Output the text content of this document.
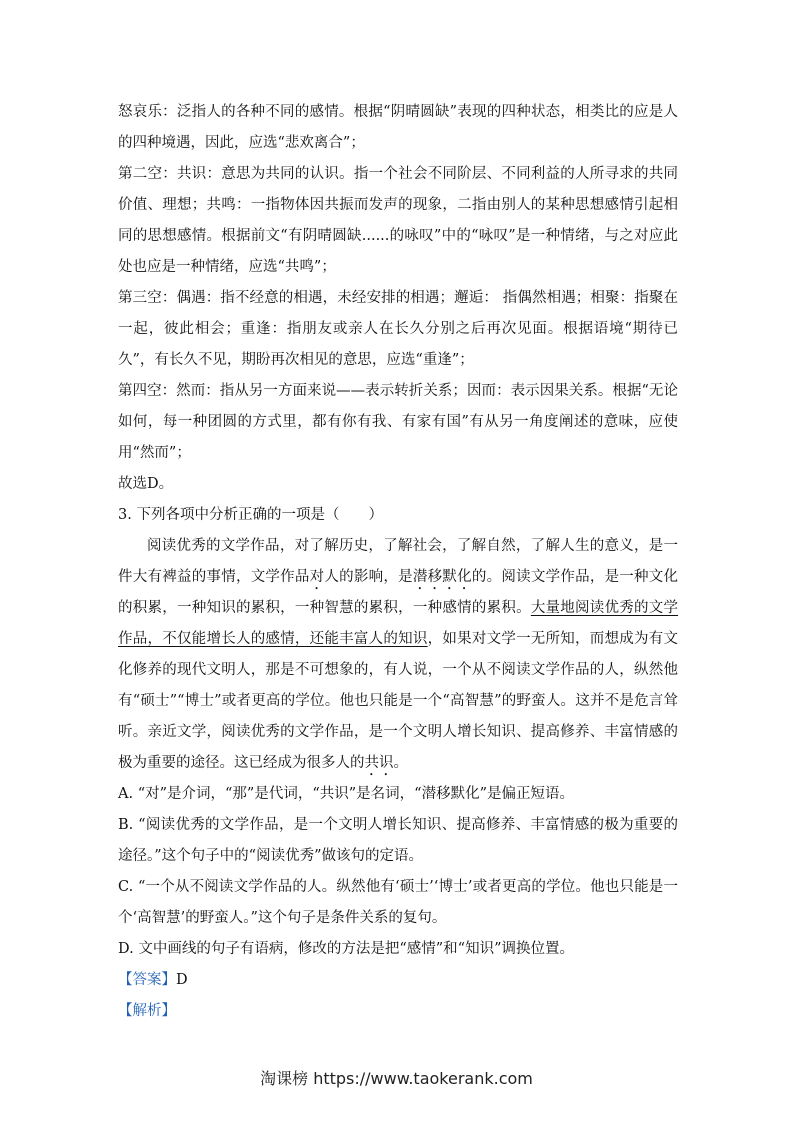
怒哀乐：泛指人的各种不同的感情。根据“阴晴圆缺”表现的四种状态，相类比的应是人的四种境遇，因此，应选“悲欢离合”；

第二空：共识：意思为共同的认识。指一个社会不同阶层、不同利益的人所寻求的共同价值、理想；共鸣：一指物体因共振而发声的现象，二指由别人的某种思想感情引起相同的思想感情。根据前文“有阴晴圆缺......的咏叹”中的“咏叹”是一种情绪，与之对应此处也应是一种情绪，应选“共鸣”；

第三空：偶遇：指不经意的相遇，未经安排的相遇；邂逅： 指偶然相遇；相聚：指聚在一起，彼此相会；重逢：指朋友或亲人在长久分别之后再次见面。根据语境“期待已久”，有长久不见，期盼再次相见的意思，应选“重逢”；

第四空：然而：指从另一方面来说——表示转折关系；因而：表示因果关系。根据“无论如何，每一种团圆的方式里，都有你有我、有家有国”有从另一角度阐述的意味，应使用“然而”；

故选D。

3. 下列各项中分析正确的一项是（　　）

阅读优秀的文学作品，对了解历史，了解社会，了解自然，了解人生的意义，是一件大有裨益的事情，文学作品对人的影响，是潜移默化的。阅读文学作品，是一种文化的积累，一种知识的累积，一种智慧的累积，一种感情的累积。大量地阅读优秀的文学作品，不仅能增长人的感情，还能丰富人的知识，如果对文学一无所知，而想成为有文化修养的现代文明人，那是不可想象的，有人说，一个从不阅读文学作品的人，纵然他有“硕士”“博士”或者更高的学位。他也只能是一个“高智慧”的野蛮人。这并不是危言耸听。亲近文学，阅读优秀的文学作品，是一个文明人增长知识、提高修养、丰富情感的极为重要的途径。这已经成为很多人的共识。

A. “对”是介词，“那”是代词，“共识”是名词，“潜移默化”是偏正短语。

B. “阅读优秀的文学作品，是一个文明人增长知识、提高修养、丰富情感的极为重要的途径。”这个句子中的“阅读优秀”做该句的定语。

C. “一个从不阅读文学作品的人。纵然他有‘硕士’‘博士’或者更高的学位。他也只能是一个‘高智慧’的野蛮人。”这个句子是条件关系的复句。

D. 文中画线的句子有语病，修改的方法是把“感情”和“知识”调换位置。

【答案】D

【解析】

淘课榜 https://www.taokerank.com
